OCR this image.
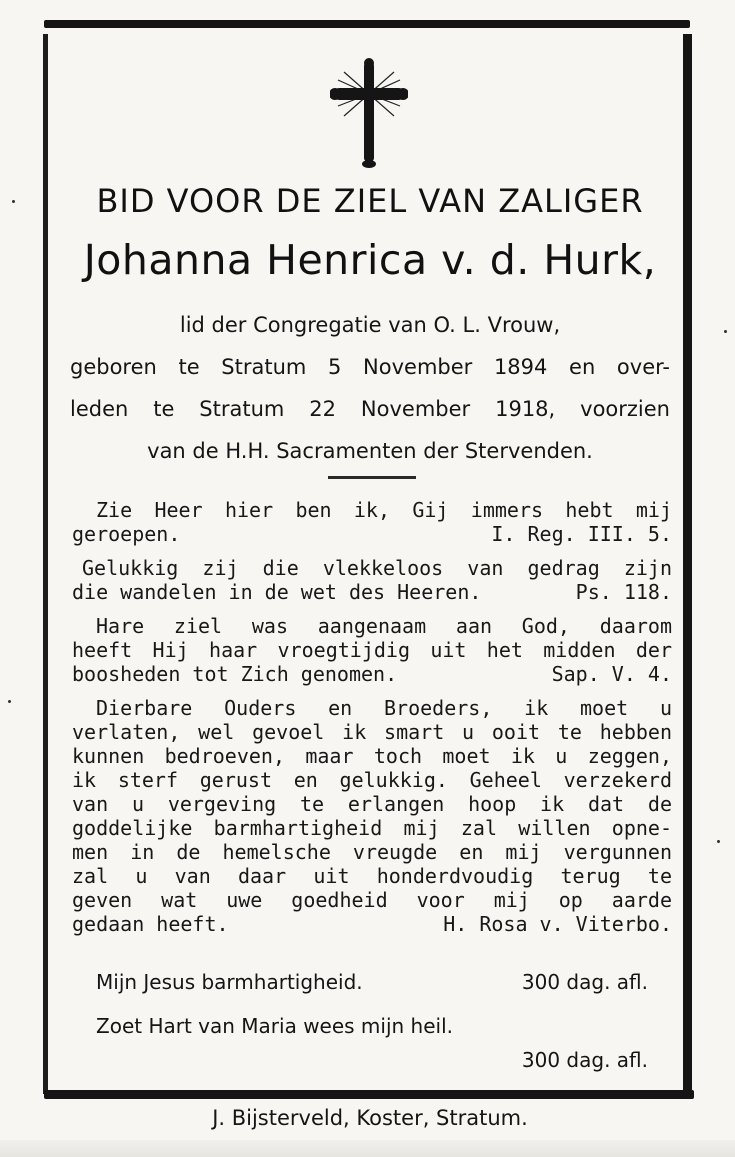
BID VOOR DE ZIEL VAN ZALIGER
Johanna Henrica v. d. Hurk,
lid der Congregatie van O. L. Vrouw,
geboren te Stratum 5 November 1894 en over-
leden te Stratum 22 November 1918, voorzien
van de H.H. Sacramenten der Stervenden.
Zie Heer hier ben ik, Gij immers hebt mij
geroepen.	I. Reg. III. 5.
Gelukkig zij die vlekkeloos van gedrag zijn
die wandelen in de wet des Heeren.	Ps. 118.
Hare ziel was aangenaam aan God, daarom
heeft Hij haar vroegtijdig uit het midden der
boosheden tot Zich genomen.	Sap. V. 4.
Dierbare Ouders en Broeders, ik moet u
verlaten, wel gevoel ik smart u ooit te hebben
kunnen bedroeven, maar toch moet ik u zeggen,
ik sterf gerust en gelukkig. Geheel verzekerd
van u vergeving te erlangen hoop ik dat de
goddelijke barmhartigheid mij zal willen opne-
men in de hemelsche vreugde en mij vergunnen
zal u van daar uit honderdvoudig terug te
geven wat uwe goedheid voor mij op aarde
gedaan heeft.	H. Rosa v. Viterbo.
Mijn Jesus barmhartigheid.	300 dag. afl.
Zoet Hart van Maria wees mijn heil.
300 dag. afl.
J. Bijsterveld, Koster, Stratum.
